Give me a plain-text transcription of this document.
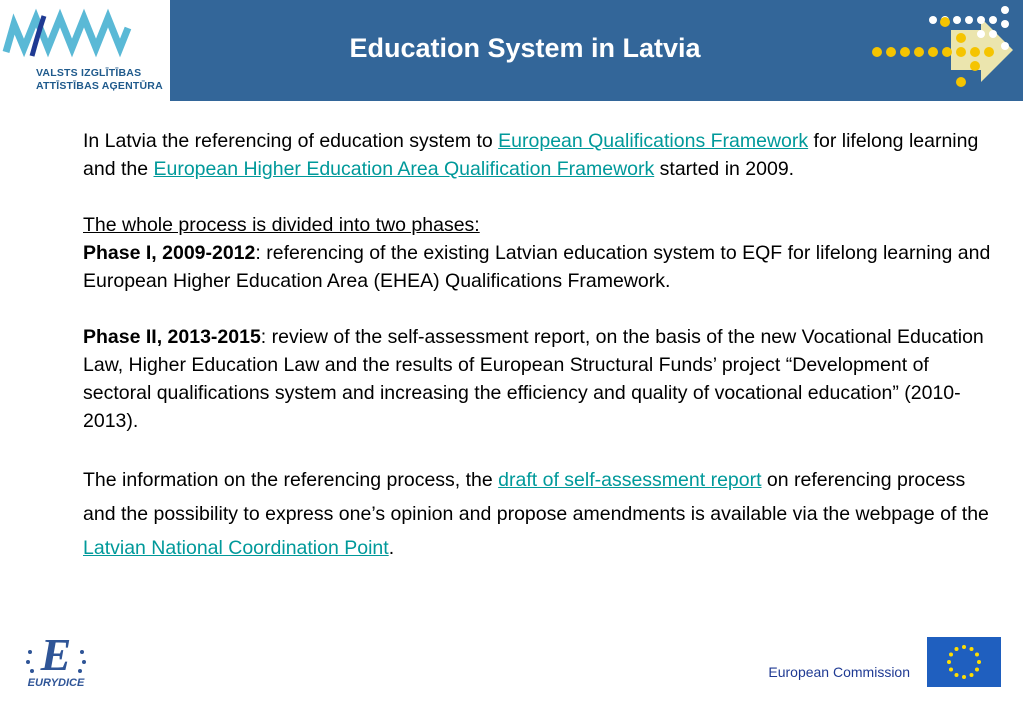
VALSTS IZGLĪTĪBAS
ATTĪSTĪBAS AĢENTŪRA
Education System in Latvia

In Latvia the referencing of education system to European Qualifications Framework for lifelong learning and the European Higher Education Area Qualification Framework started in 2009.

The whole process is divided into two phases:

Phase I, 2009-2012: referencing of the existing Latvian education system to EQF for lifelong learning and European Higher Education Area (EHEA) Qualifications Framework.

Phase II, 2013-2015: review of the self-assessment report, on the basis of the new Vocational Education Law, Higher Education Law and the results of European Structural Funds’ project “Development of sectoral qualifications system and increasing the efficiency and quality of vocational education” (2010-2013).

The information on the referencing process, the draft of self-assessment report on referencing process and the possibility to express one’s opinion and propose amendments is available via the webpage of the Latvian National Coordination Point.

E
EURYDICE
European Commission
